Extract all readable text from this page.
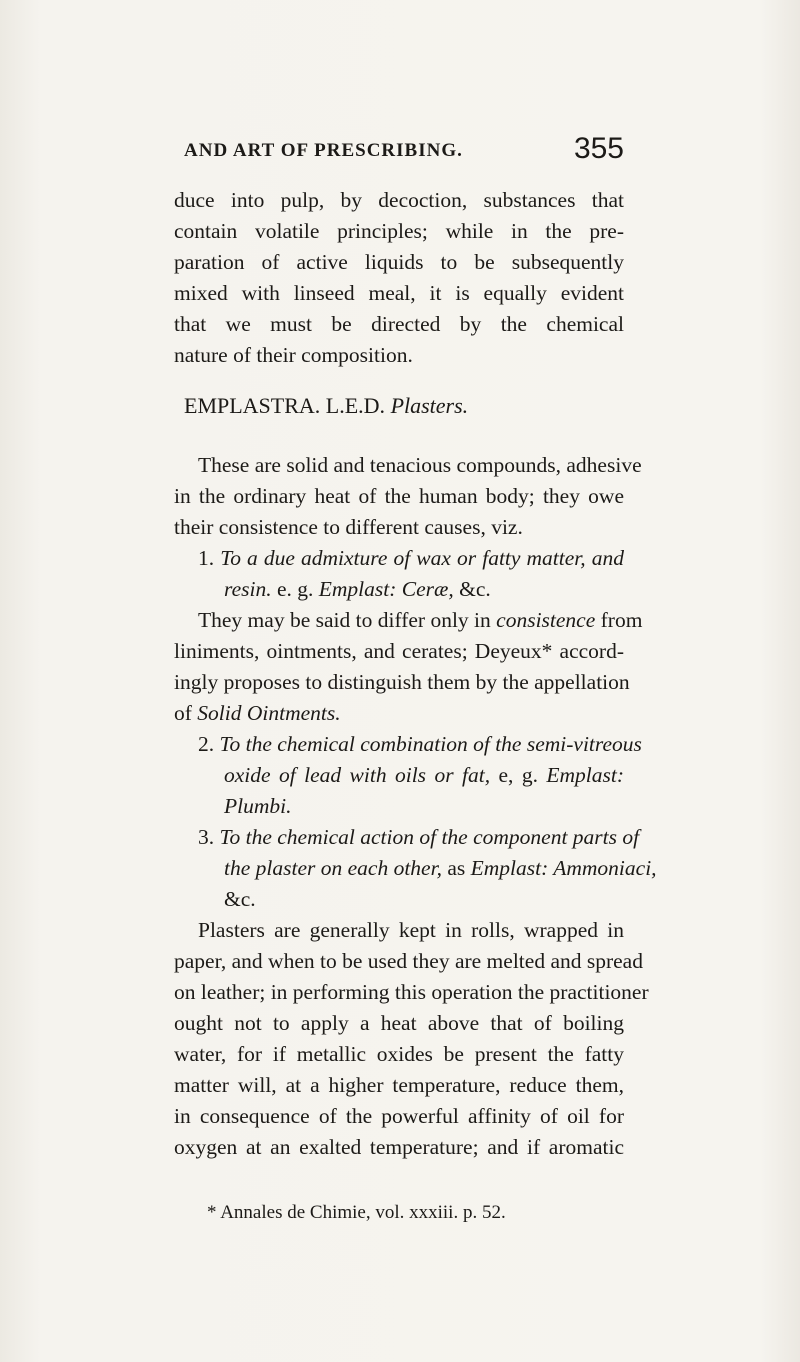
AND ART OF PRESCRIBING.	355
duce into pulp, by decoction, substances that
contain volatile principles; while in the pre-
paration of active liquids to be subsequently
mixed with linseed meal, it is equally evident
that we must be directed by the chemical
nature of their composition.
EMPLASTRA. L.E.D. Plasters.
These are solid and tenacious compounds, adhesive
in the ordinary heat of the human body; they owe
their consistence to different causes, viz.
1. To a due admixture of wax or fatty matter, and
resin. e. g. Emplast: Ceræ, &c.
They may be said to differ only in consistence from
liniments, ointments, and cerates; Deyeux* accord-
ingly proposes to distinguish them by the appellation
of Solid Ointments.
2. To the chemical combination of the semi-vitreous
oxide of lead with oils or fat, e, g. Emplast:
Plumbi.
3. To the chemical action of the component parts of
the plaster on each other, as Emplast: Ammoniaci,
&c.
Plasters are generally kept in rolls, wrapped in
paper, and when to be used they are melted and spread
on leather; in performing this operation the practitioner
ought not to apply a heat above that of boiling
water, for if metallic oxides be present the fatty
matter will, at a higher temperature, reduce them,
in consequence of the powerful affinity of oil for
oxygen at an exalted temperature; and if aromatic
* Annales de Chimie, vol. xxxiii. p. 52.
